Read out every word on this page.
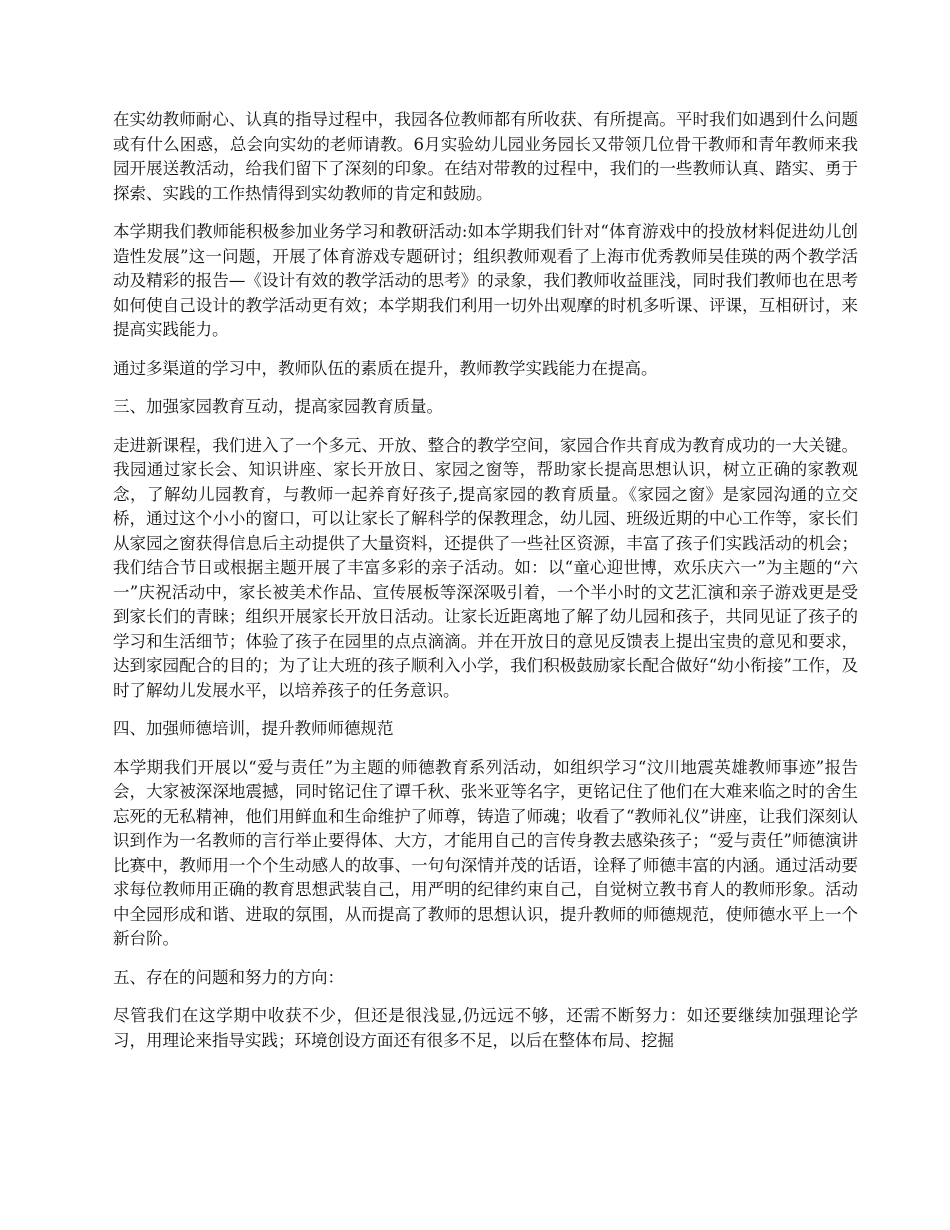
在实幼教师耐心、认真的指导过程中，我园各位教师都有所收获、有所提高。平时我们如遇到什么问题或有什么困惑，总会向实幼的老师请教。6月实验幼儿园业务园长又带领几位骨干教师和青年教师来我园开展送教活动，给我们留下了深刻的印象。在结对带教的过程中，我们的一些教师认真、踏实、勇于探索、实践的工作热情得到实幼教师的肯定和鼓励。

本学期我们教师能积极参加业务学习和教研活动:如本学期我们针对“体育游戏中的投放材料促进幼儿创造性发展”这一问题，开展了体育游戏专题研讨；组织教师观看了上海市优秀教师吴佳瑛的两个教学活动及精彩的报告—《设计有效的教学活动的思考》的录象，我们教师收益匪浅，同时我们教师也在思考如何使自己设计的教学活动更有效；本学期我们利用一切外出观摩的时机多听课、评课，互相研讨，来提高实践能力。

通过多渠道的学习中，教师队伍的素质在提升，教师教学实践能力在提高。

三、加强家园教育互动，提高家园教育质量。

走进新课程，我们进入了一个多元、开放、整合的教学空间，家园合作共育成为教育成功的一大关键。我园通过家长会、知识讲座、家长开放日、家园之窗等，帮助家长提高思想认识，树立正确的家教观念，了解幼儿园教育，与教师一起养育好孩子,提高家园的教育质量。《家园之窗》是家园沟通的立交桥，通过这个小小的窗口，可以让家长了解科学的保教理念，幼儿园、班级近期的中心工作等，家长们从家园之窗获得信息后主动提供了大量资料，还提供了一些社区资源，丰富了孩子们实践活动的机会；我们结合节日或根据主题开展了丰富多彩的亲子活动。如：以“童心迎世博，欢乐庆六一”为主题的“六一”庆祝活动中，家长被美术作品、宣传展板等深深吸引着，一个半小时的文艺汇演和亲子游戏更是受到家长们的青睐；组织开展家长开放日活动。让家长近距离地了解了幼儿园和孩子，共同见证了孩子的学习和生活细节；体验了孩子在园里的点点滴滴。并在开放日的意见反馈表上提出宝贵的意见和要求，达到家园配合的目的；为了让大班的孩子顺利入小学，我们积极鼓励家长配合做好“幼小衔接”工作，及时了解幼儿发展水平，以培养孩子的任务意识。

四、加强师德培训，提升教师师德规范

本学期我们开展以“爱与责任”为主题的师德教育系列活动，如组织学习“汶川地震英雄教师事迹”报告会，大家被深深地震撼，同时铭记住了谭千秋、张米亚等名字，更铭记住了他们在大难来临之时的舍生忘死的无私精神，他们用鲜血和生命维护了师尊，铸造了师魂；收看了“教师礼仪”讲座，让我们深刻认识到作为一名教师的言行举止要得体、大方，才能用自己的言传身教去感染孩子；“爱与责任”师德演讲比赛中，教师用一个个生动感人的故事、一句句深情并茂的话语，诠释了师德丰富的内涵。通过活动要求每位教师用正确的教育思想武装自己，用严明的纪律约束自己，自觉树立教书育人的教师形象。活动中全园形成和谐、进取的氛围，从而提高了教师的思想认识，提升教师的师德规范，使师德水平上一个新台阶。

五、存在的问题和努力的方向：

尽管我们在这学期中收获不少，但还是很浅显,仍远远不够，还需不断努力：如还要继续加强理论学习，用理论来指导实践；环境创设方面还有很多不足，以后在整体布局、挖掘
